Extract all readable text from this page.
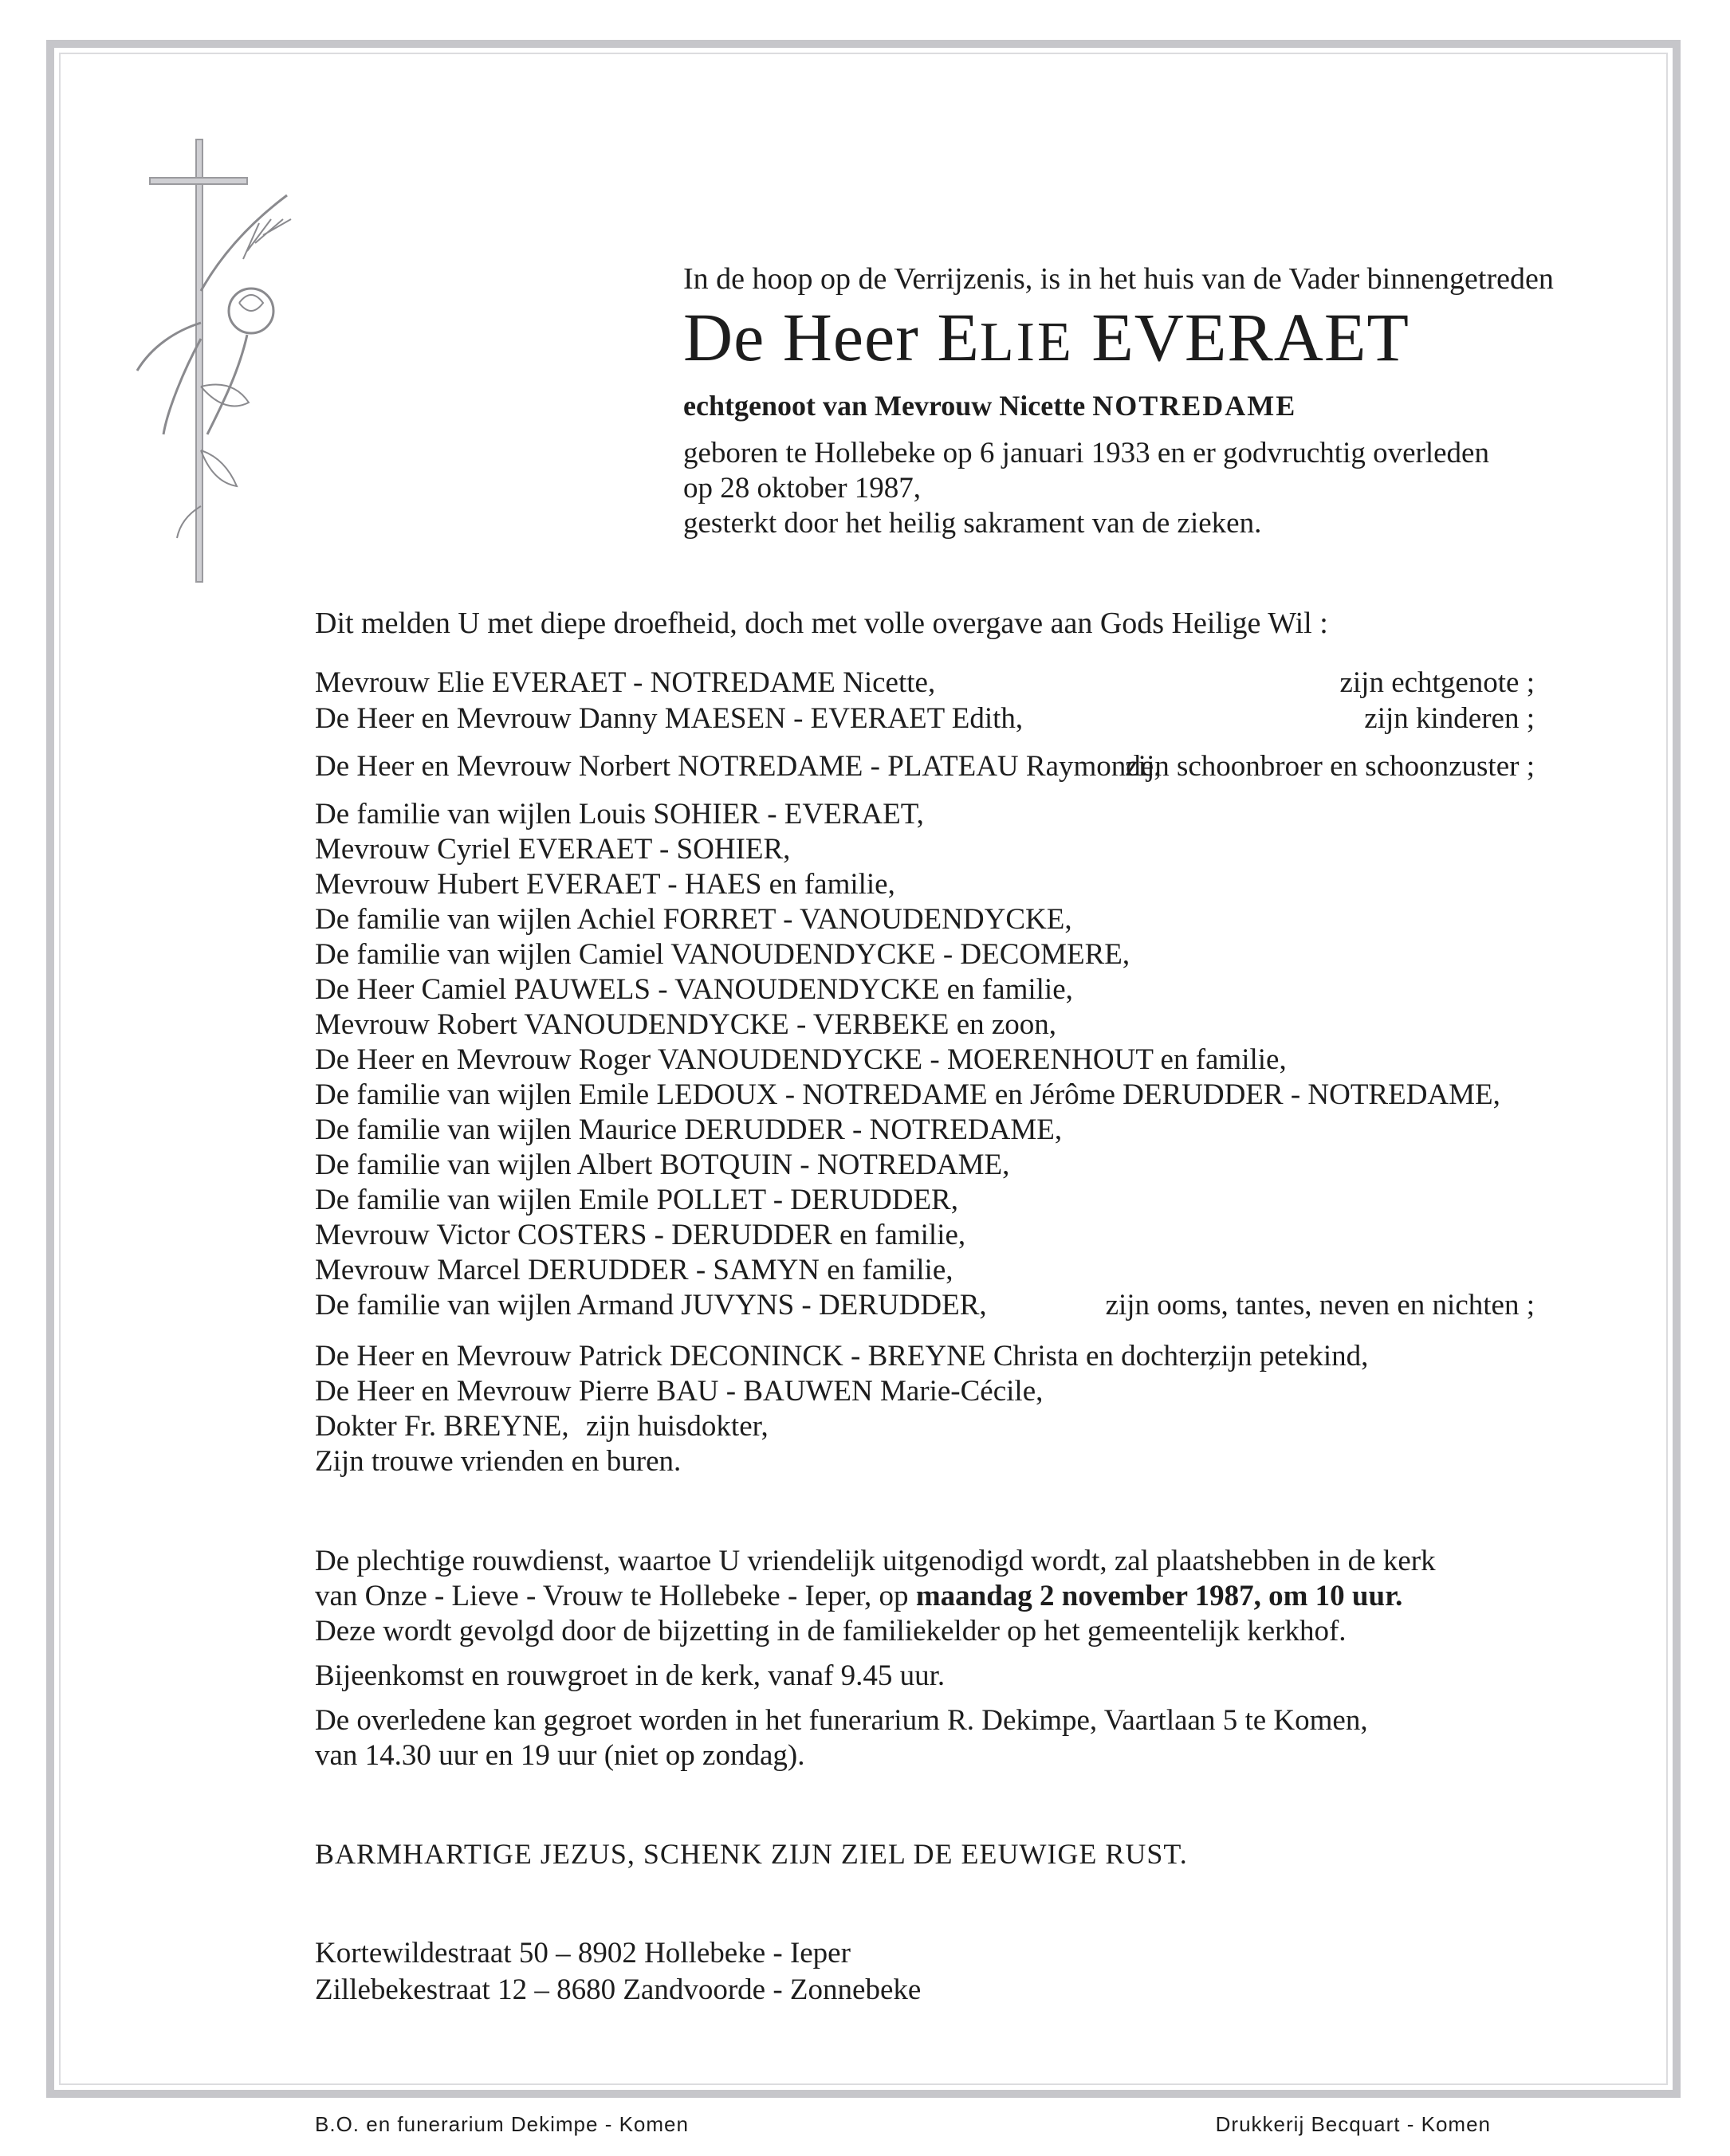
In de hoop op de Verrijzenis, is in het huis van de Vader binnengetreden
De Heer ELIE EVERAET
echtgenoot van Mevrouw Nicette NOTREDAME
geboren te Hollebeke op 6 januari 1933 en er godvruchtig overleden
op 28 oktober 1987,
gesterkt door het heilig sakrament van de zieken.
Dit melden U met diepe droefheid, doch met volle overgave aan Gods Heilige Wil :
Mevrouw Elie EVERAET - NOTREDAME Nicette,	zijn echtgenote ;
De Heer en Mevrouw Danny MAESEN - EVERAET Edith,	zijn kinderen ;
De Heer en Mevrouw Norbert NOTREDAME - PLATEAU Raymonde,
zijn schoonbroer en schoonzuster ;
De familie van wijlen Louis SOHIER - EVERAET,
Mevrouw Cyriel EVERAET - SOHIER,
Mevrouw Hubert EVERAET - HAES en familie,
De familie van wijlen Achiel FORRET - VANOUDENDYCKE,
De familie van wijlen Camiel VANOUDENDYCKE - DECOMERE,
De Heer Camiel PAUWELS - VANOUDENDYCKE en familie,
Mevrouw Robert VANOUDENDYCKE - VERBEKE en zoon,
De Heer en Mevrouw Roger VANOUDENDYCKE - MOERENHOUT en familie,
De familie van wijlen Emile LEDOUX - NOTREDAME en Jérôme DERUDDER - NOTREDAME,
De familie van wijlen Maurice DERUDDER - NOTREDAME,
De familie van wijlen Albert BOTQUIN - NOTREDAME,
De familie van wijlen Emile POLLET - DERUDDER,
Mevrouw Victor COSTERS - DERUDDER en familie,
Mevrouw Marcel DERUDDER - SAMYN en familie,
De familie van wijlen Armand JUVYNS - DERUDDER,	zijn ooms, tantes, neven en nichten ;
De Heer en Mevrouw Patrick DECONINCK - BREYNE Christa en dochter,
zijn petekind,
De Heer en Mevrouw Pierre BAU - BAUWEN Marie-Cécile,
Dokter Fr. BREYNE, zijn huisdokter,
Zijn trouwe vrienden en buren.
De plechtige rouwdienst, waartoe U vriendelijk uitgenodigd wordt, zal plaatshebben in de kerk
van Onze - Lieve - Vrouw te Hollebeke - Ieper, op maandag 2 november 1987, om 10 uur.
Deze wordt gevolgd door de bijzetting in de familiekelder op het gemeentelijk kerkhof.
Bijeenkomst en rouwgroet in de kerk, vanaf 9.45 uur.
De overledene kan gegroet worden in het funerarium R. Dekimpe, Vaartlaan 5 te Komen,
van 14.30 uur en 19 uur (niet op zondag).
BARMHARTIGE JEZUS, SCHENK ZIJN ZIEL DE EEUWIGE RUST.
Kortewildestraat 50 – 8902 Hollebeke - Ieper
Zillebekestraat 12 – 8680 Zandvoorde - Zonnebeke
B.O. en funerarium Dekimpe - Komen	Drukkerij Becquart - Komen
